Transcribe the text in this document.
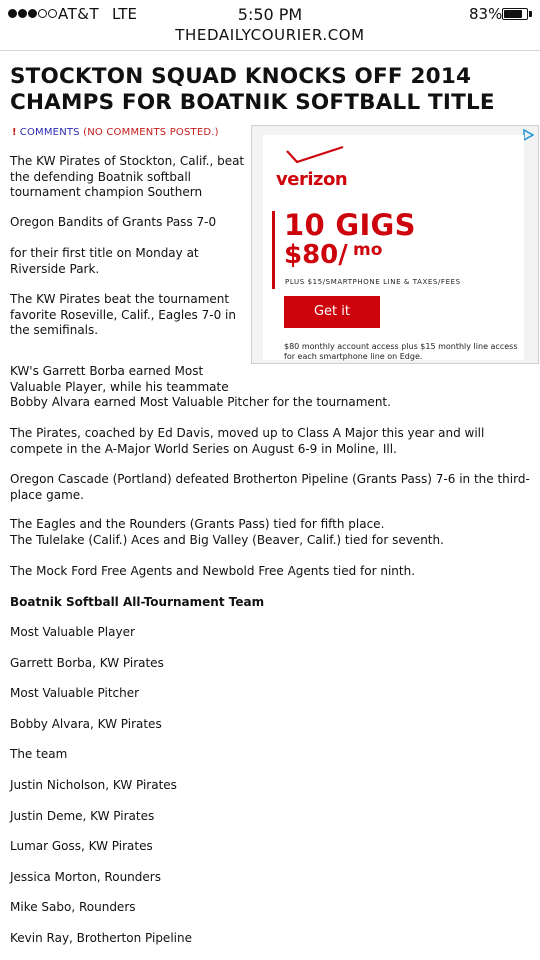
AT&T LTE	5:50 PM	83%
THEDAILYCOURIER.COM
STOCKTON SQUAD KNOCKS OFF 2014 CHAMPS FOR BOATNIK SOFTBALL TITLE
! COMMENTS (NO COMMENTS POSTED.)

The KW Pirates of Stockton, Calif., beat the defending Boatnik softball tournament champion Southern

Oregon Bandits of Grants Pass 7-0

for their first title on Monday at Riverside Park.

The KW Pirates beat the tournament favorite Roseville, Calif., Eagles 7-0 in the semifinals.

KW's Garrett Borba earned Most

Valuable Player, while his teammate

Bobby Alvara earned Most Valuable Pitcher for the tournament.

The Pirates, coached by Ed Davis, moved up to Class A Major this year and will compete in the A-Major World Series on August 6-9 in Moline, Ill.

Oregon Cascade (Portland) defeated Brotherton Pipeline (Grants Pass) 7-6 in the third-place game.

The Eagles and the Rounders (Grants Pass) tied for fifth place.

The Tulelake (Calif.) Aces and Big Valley (Beaver, Calif.) tied for seventh.

The Mock Ford Free Agents and Newbold Free Agents tied for ninth.

Boatnik Softball All-Tournament Team

Most Valuable Player

Garrett Borba, KW Pirates

Most Valuable Pitcher

Bobby Alvara, KW Pirates

The team

Justin Nicholson, KW Pirates

Justin Deme, KW Pirates

Lumar Goss, KW Pirates

Jessica Morton, Rounders

Mike Sabo, Rounders

Kevin Ray, Brotherton Pipeline

verizon
10 GIGS
$80/ mo
PLUS $15/SMARTPHONE LINE & TAXES/FEES
Get it
$80 monthly account access plus $15 monthly line access for each smartphone line on Edge.
